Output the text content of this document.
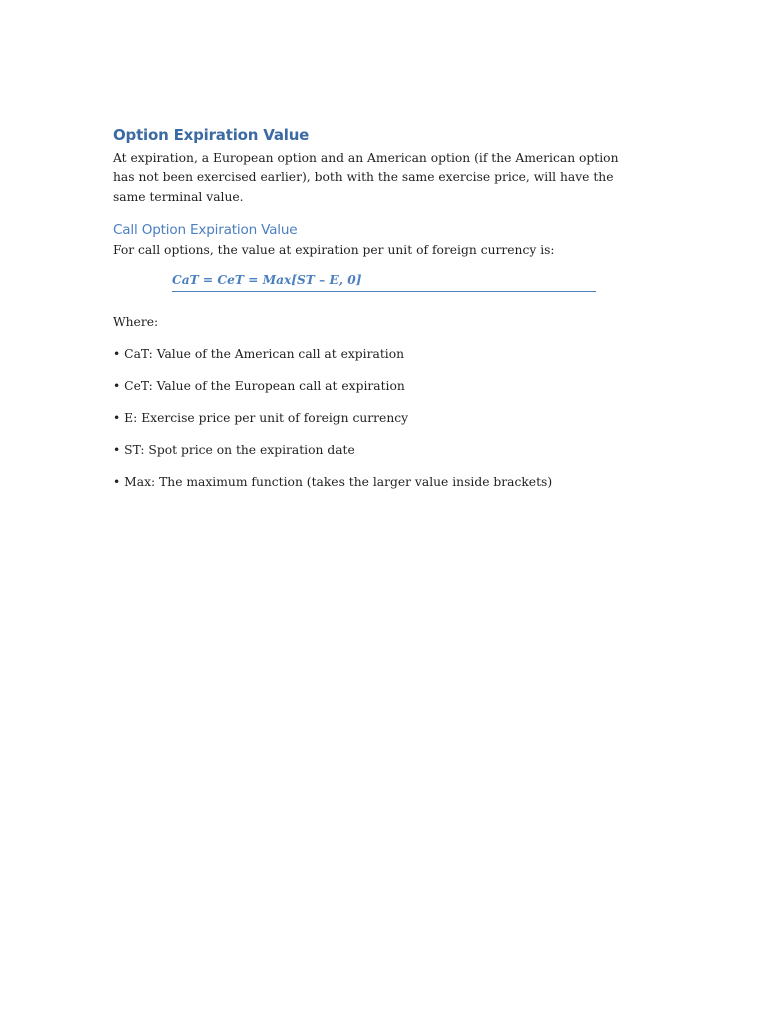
Option Expiration Value

At expiration, a European option and an American option (if the American option has not been exercised earlier), both with the same exercise price, will have the same terminal value.

Call Option Expiration Value

For call options, the value at expiration per unit of foreign currency is:

CaT = CeT = Max[ST – E, 0]

Where:

• CaT: Value of the American call at expiration
• CeT: Value of the European call at expiration
• E: Exercise price per unit of foreign currency
• ST: Spot price on the expiration date
• Max: The maximum function (takes the larger value inside brackets)
